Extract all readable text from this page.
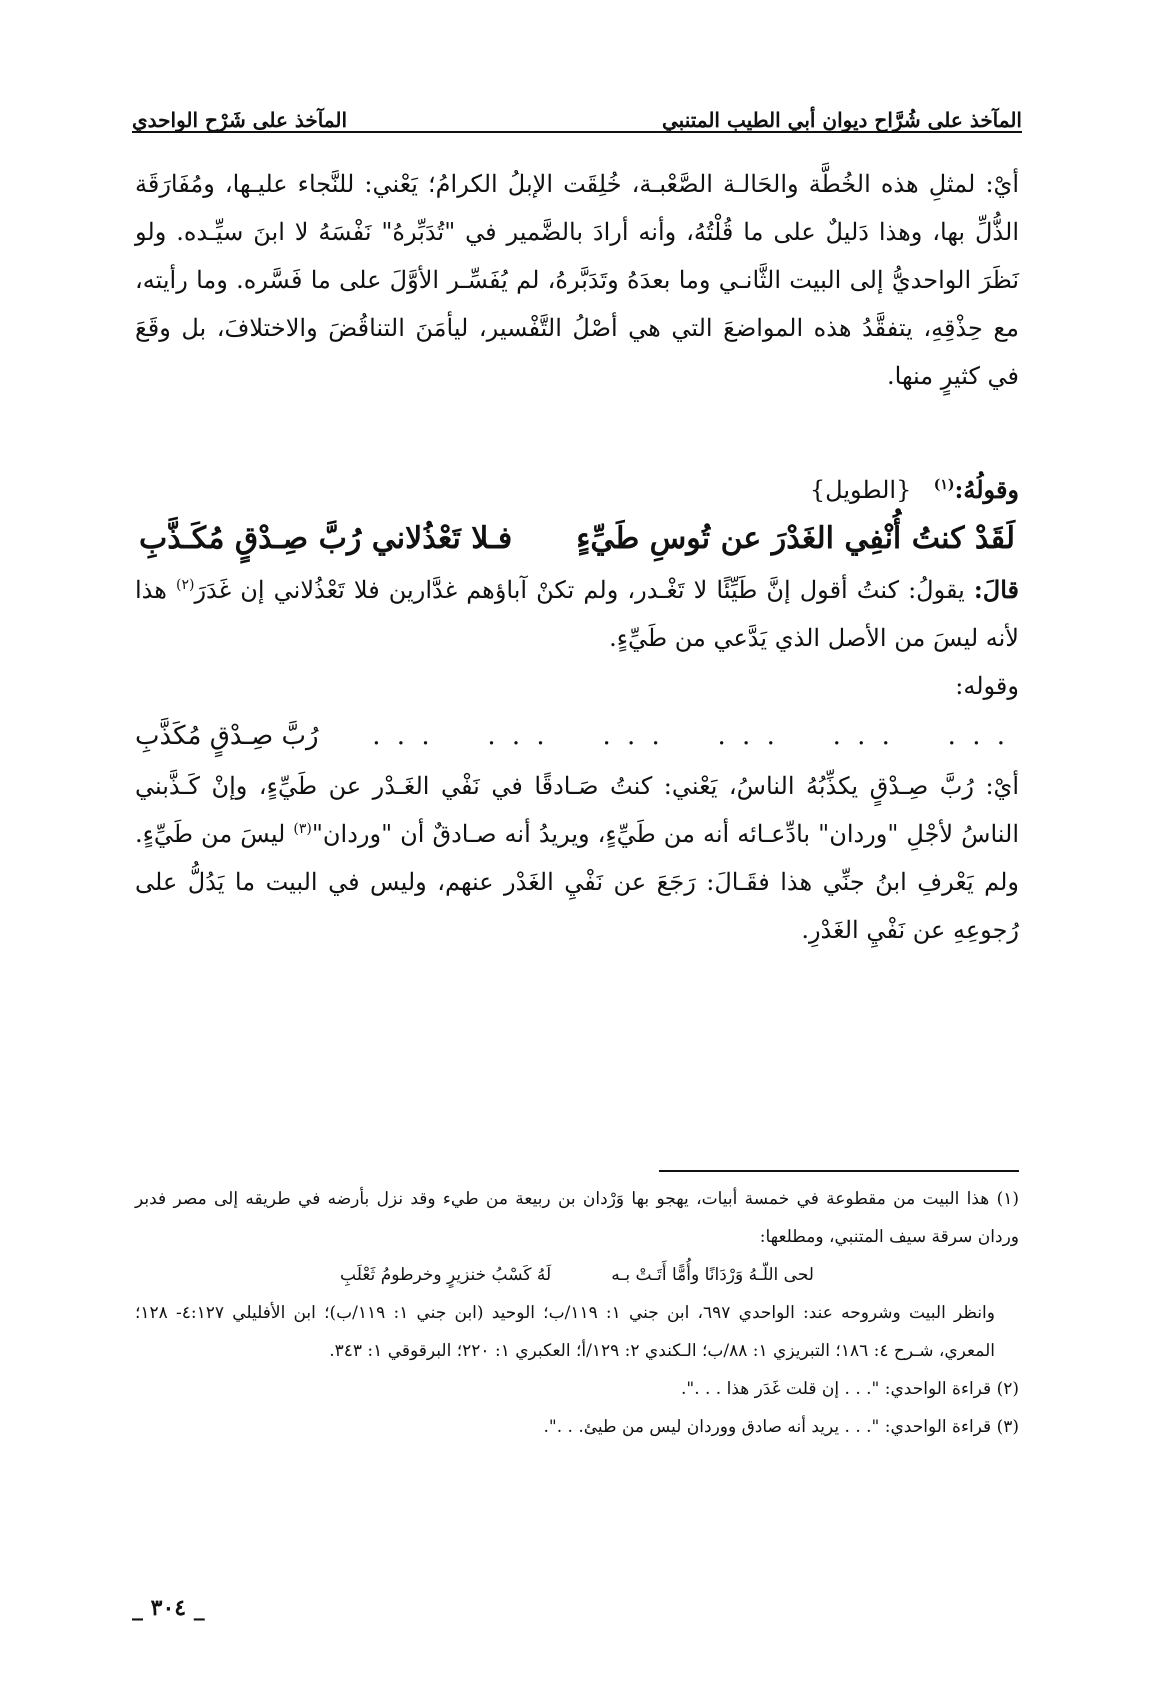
المآخذ على شُرَّاح ديوان أبي الطيب المتنبي
المآخذ على شَرْح الواحدي

أيْ: لمثلِ هذه الخُطَّة والحَالـة الصَّعْبـة، خُلِقَت الإبلُ الكرامُ؛ يَعْني: للنَّجاء عليـها، ومُفَارَقَة الذُّلِّ بها، وهذا دَليلٌ على ما قُلْتُهُ، وأنه أرادَ بالضَّمير في "تُدَبِّرهُ" نَفْسَهُ لا ابنَ سيِّـده. ولو نَظَرَ الواحديُّ إلى البيت الثَّانـي وما بعدَهُ وتَدَبَّرهُ، لم يُفَسِّـر الأوَّلَ على ما فَسَّره. وما رأيته، مع حِذْقِهِ، يتفقَّدُ هذه المواضعَ التي هي أصْلُ التَّفْسير، ليأمَنَ التناقُضَ والاختلافَ، بل وقَعَ في كثيرٍ منها.

وقولُهُ:$^{(١)}$ {الطويل}
لَقَدْ كنتُ أُنْفِي الغَدْرَ عن تُوسِ طَيِّءٍ
فـلا تَعْذُلاني رُبَّ صِـدْقٍ مُكَـذَّبِ

قالَ: يقولُ: كنتُ أقول إنَّ طَيِّئًا لا تَغْـدر، ولم تكنْ آباؤهم غدَّارين فلا تَعْذُلاني إن غَدَرَ$^{(٢)}$ هذا لأنه ليسَ من الأصل الذي يَدَّعي من طَيِّءٍ.

وقوله:

. . .
. . .
. . .
. . .
. . .
. . .
رُبَّ صِـدْقٍ مُكَذَّبِ

أيْ: رُبَّ صِـدْقٍ يكذِّبُهُ الناسُ، يَعْني: كنتُ صَـادقًا في نَفْي الغَـدْر عن طَيِّءٍ، وإنْ كَـذَّبني الناسُ لأجْلِ "وردان" بادِّعـائه أنه من طَيِّءٍ، ويريدُ أنه صـادقٌ أن "وردان"$^{(٣)}$ ليسَ من طَيِّءٍ. ولم يَعْرفِ ابنُ جنِّي هذا فقَـالَ: رَجَعَ عن نَفْيِ الغَدْر عنهم، وليس في البيت ما يَدُلُّ على رُجوعِهِ عن نَفْيِ الغَدْرِ.

(١) هذا البيت من مقطوعة في خمسة أبيات، يهجو بها وَرْدان بن ربيعة من طيء وقد نزل بأرضه في طريقه إلى مصر فدبر وردان سرقة سيف المتنبي، ومطلعها:

لحى اللّـهُ وَرْدَانًا وأُمًّا أَتَـتْ بـه
لَهُ كَسْبُ خنزيرٍ وخرطومُ ثَعْلَبِ

وانظر البيت وشروحه عند: الواحدي ٦٩٧، ابن جني ١: ١١٩/ب؛ الوحيد (ابن جني ١: ١١٩/ب)؛ ابن الأفليلي ٤:١٢٧- ١٢٨؛ المعري، شـرح ٤: ١٨٦؛ التبريزي ١: ٨٨/ب؛ الـكندي ٢: ١٢٩/أ؛ العكبري ١: ٢٢٠؛ البرقوقي ١: ٣٤٣.

(٢) قراءة الواحدي: ". . . إن قلت غَدَر هذا . . .".

(٣) قراءة الواحدي: ". . . يريد أنه صادق ووردان ليس من طيئ. . .".

_ ٣٠٤ _
